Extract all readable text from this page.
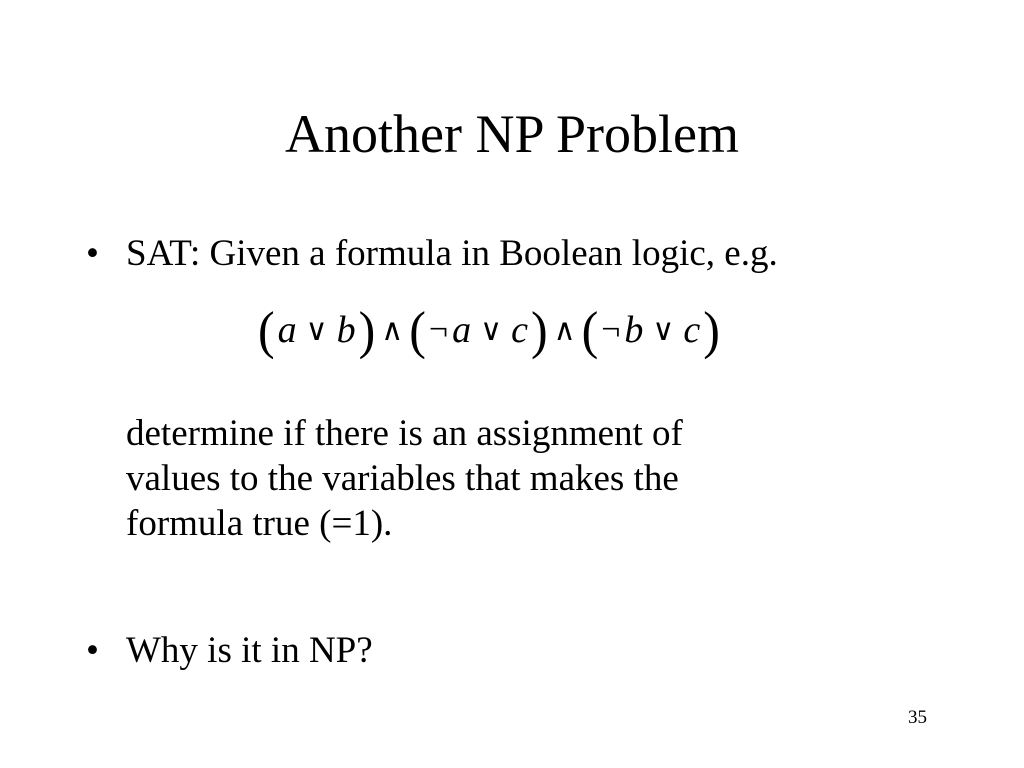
Another NP Problem
• SAT: Given a formula in Boolean logic, e.g.
( a ∨ b ) ∧ ( ¬ a ∨ c ) ∧ ( ¬ b ∨ c )
determine if there is an assignment of
values to the variables that makes the
formula true (=1).
• Why is it in NP?
35
